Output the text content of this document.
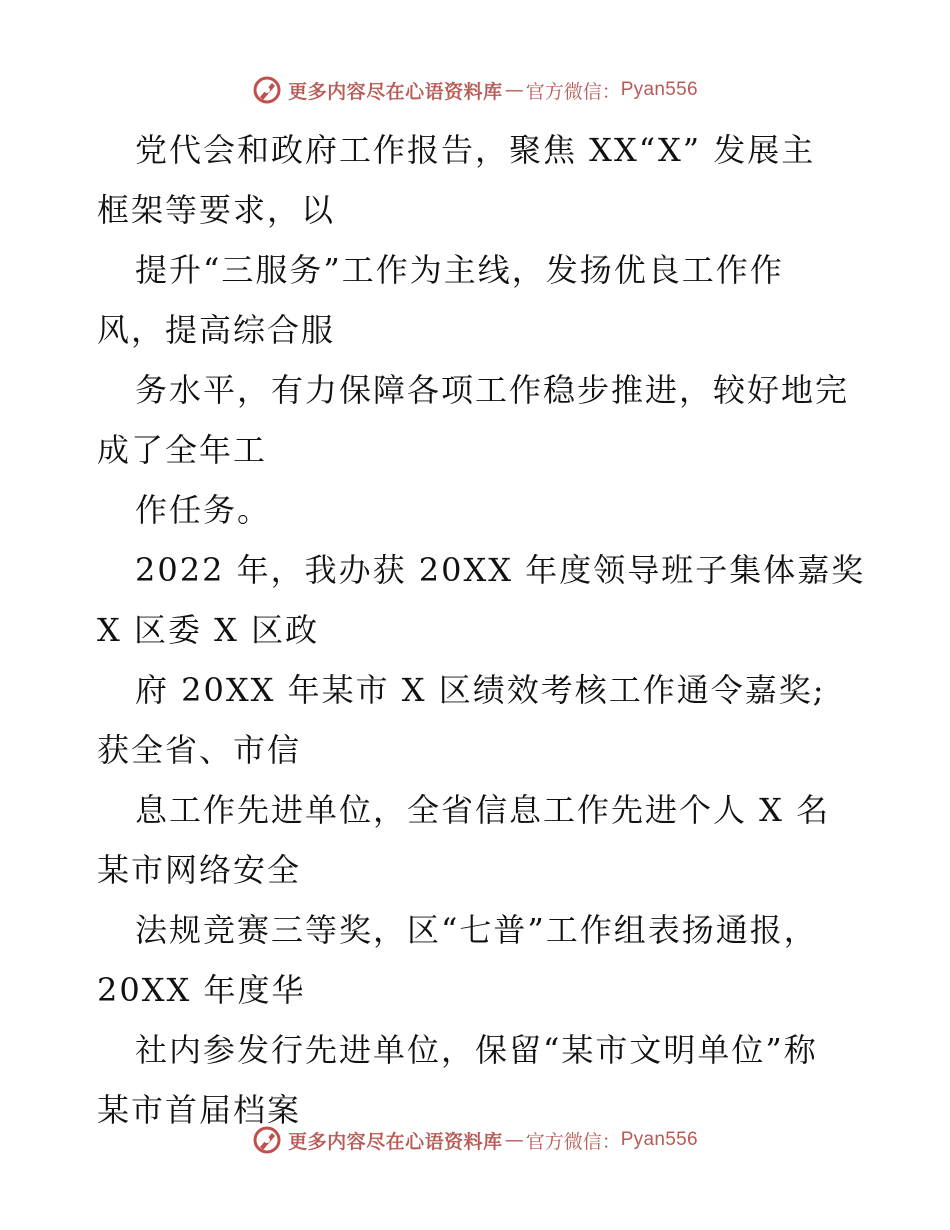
更多内容尽在心语资料库 — 官方微信： Pyan556
党代会和政府工作报告，聚焦 XX“X” 发展主
框架等要求，以
提升“三服务”工作为主线，发扬优良工作作
风，提高综合服
务水平，有力保障各项工作稳步推进，较好地完
成了全年工
作任务。
2022 年，我办获 20XX 年度领导班子集体嘉奖
X 区委 X 区政
府 20XX 年某市 X 区绩效考核工作通令嘉奖;
获全省、市信
息工作先进单位，全省信息工作先进个人 X 名
某市网络安全
法规竞赛三等奖，区“七普”工作组表扬通报，
20XX 年度华
社内参发行先进单位，保留“某市文明单位”称
某市首届档案
更多内容尽在心语资料库 — 官方微信： Pyan556
